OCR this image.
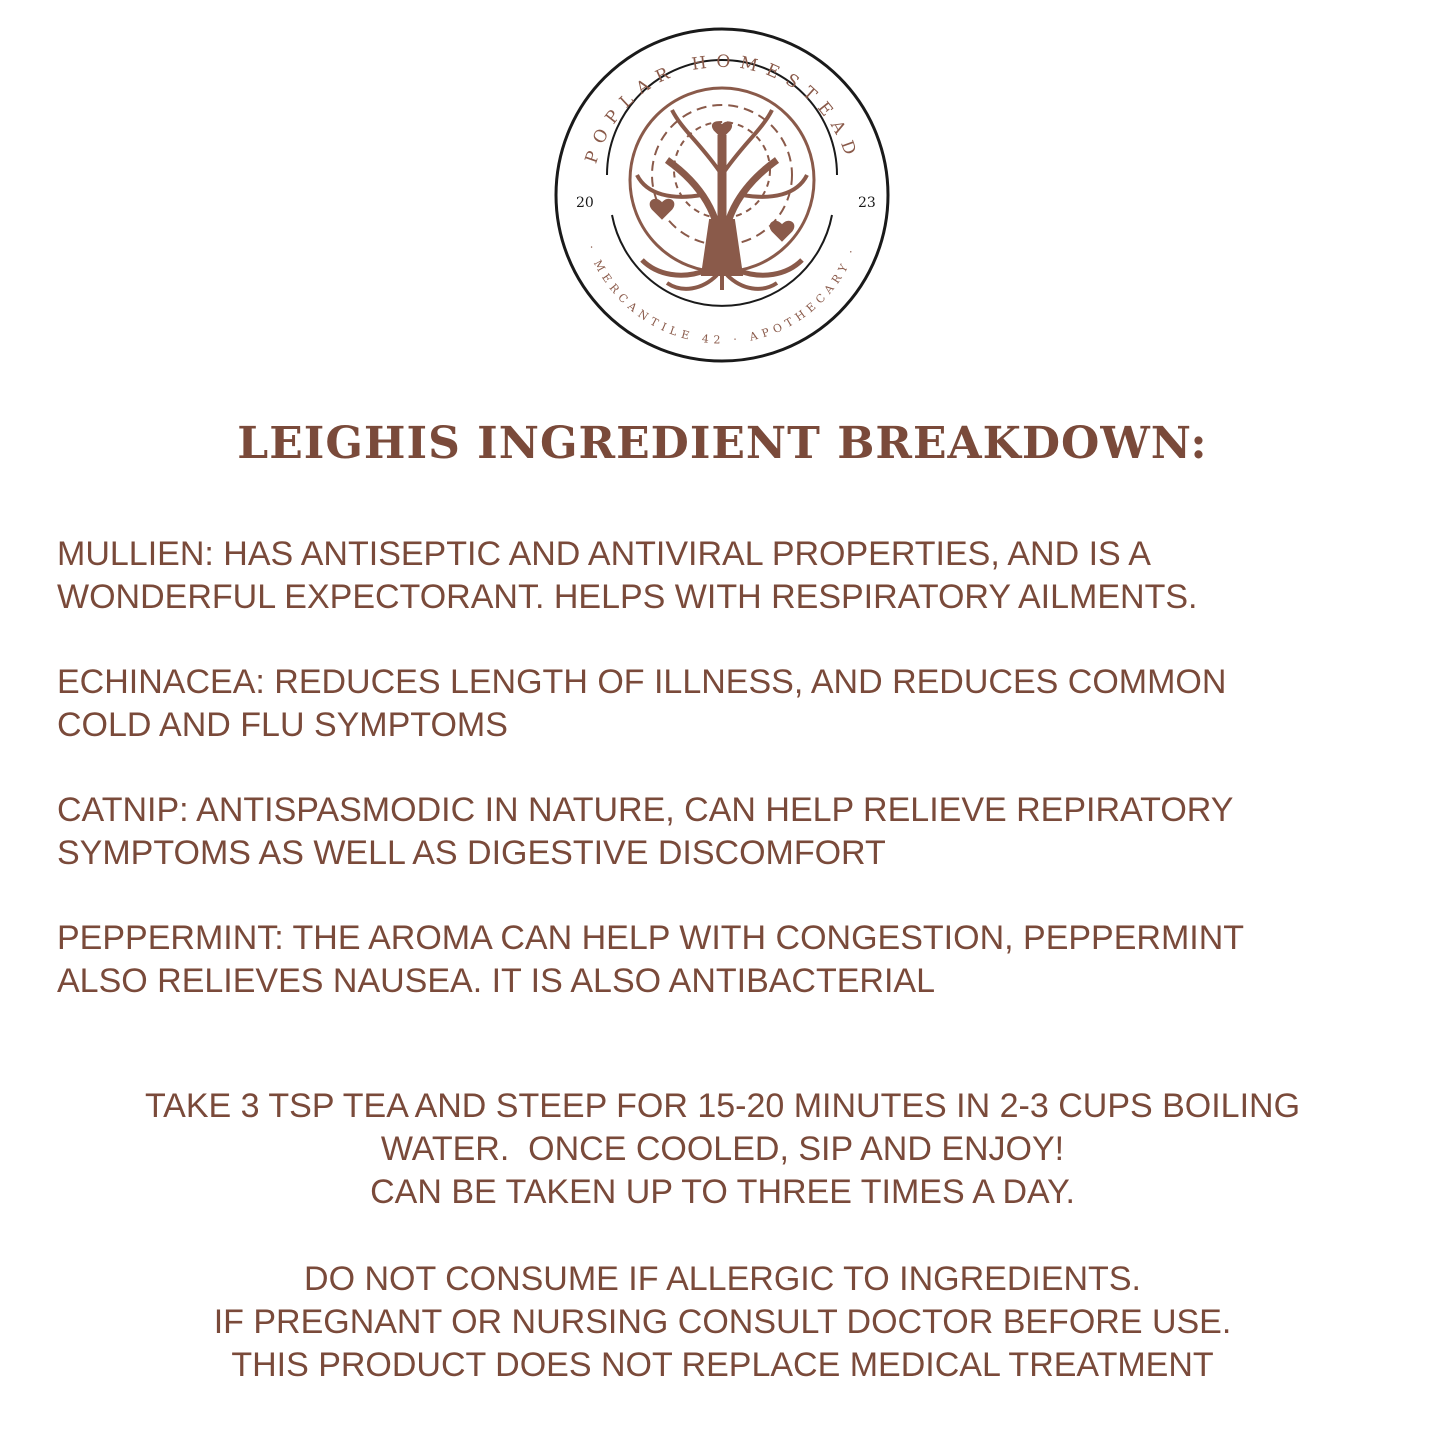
POPLAR HOMESTEAD
· MERCANTILE 42 · APOTHECARY ·
20	23
LEIGHIS INGREDIENT BREAKDOWN:

MULLIEN: HAS ANTISEPTIC AND ANTIVIRAL PROPERTIES, AND IS A
WONDERFUL EXPECTORANT. HELPS WITH RESPIRATORY AILMENTS.

ECHINACEA: REDUCES LENGTH OF ILLNESS, AND REDUCES COMMON
COLD AND FLU SYMPTOMS

CATNIP: ANTISPASMODIC IN NATURE, CAN HELP RELIEVE REPIRATORY
SYMPTOMS AS WELL AS DIGESTIVE DISCOMFORT

PEPPERMINT: THE AROMA CAN HELP WITH CONGESTION, PEPPERMINT
ALSO RELIEVES NAUSEA. IT IS ALSO ANTIBACTERIAL

TAKE 3 TSP TEA AND STEEP FOR 15-20 MINUTES IN 2-3 CUPS BOILING
WATER.  ONCE COOLED, SIP AND ENJOY!
CAN BE TAKEN UP TO THREE TIMES A DAY.
DO NOT CONSUME IF ALLERGIC TO INGREDIENTS.
IF PREGNANT OR NURSING CONSULT DOCTOR BEFORE USE.
THIS PRODUCT DOES NOT REPLACE MEDICAL TREATMENT
